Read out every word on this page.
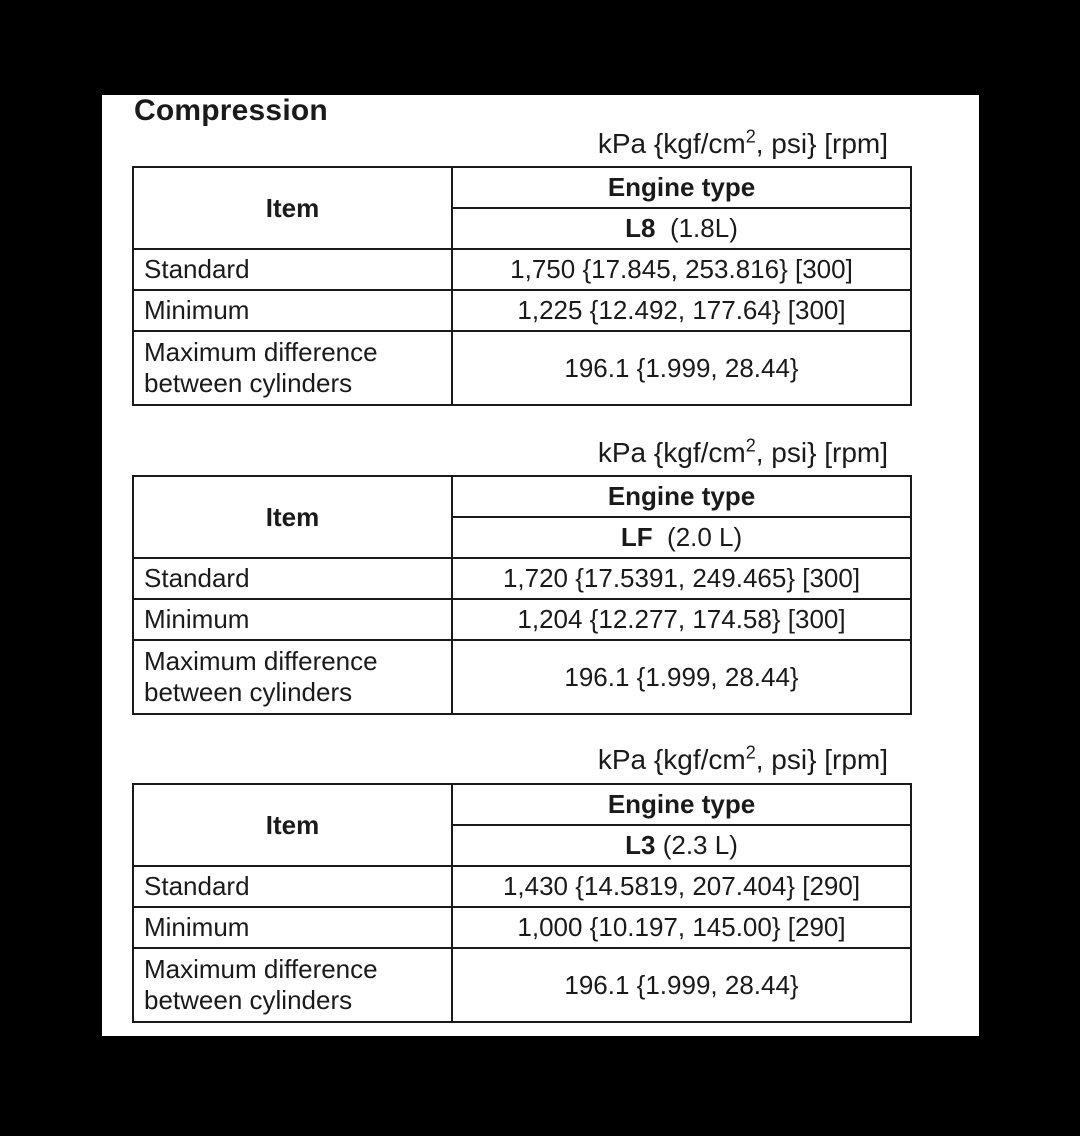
Compression
kPa {$kgf/cm^2$, psi} [rpm]
Item	Engine type
	L8 (1.8L)
Standard	1,750 {17.845, 253.816} [300]
Minimum	1,225 {12.492, 177.64} [300]
Maximum difference
between cylinders	196.1 {1.999, 28.44}
kPa {$kgf/cm^2$, psi} [rpm]
Item	Engine type
	LF (2.0 L)
Standard	1,720 {17.5391, 249.465} [300]
Minimum	1,204 {12.277, 174.58} [300]
Maximum difference
between cylinders	196.1 {1.999, 28.44}
kPa {$kgf/cm^2$, psi} [rpm]
Item	Engine type
	L3 (2.3 L)
Standard	1,430 {14.5819, 207.404} [290]
Minimum	1,000 {10.197, 145.00} [290]
Maximum difference
between cylinders	196.1 {1.999, 28.44}
